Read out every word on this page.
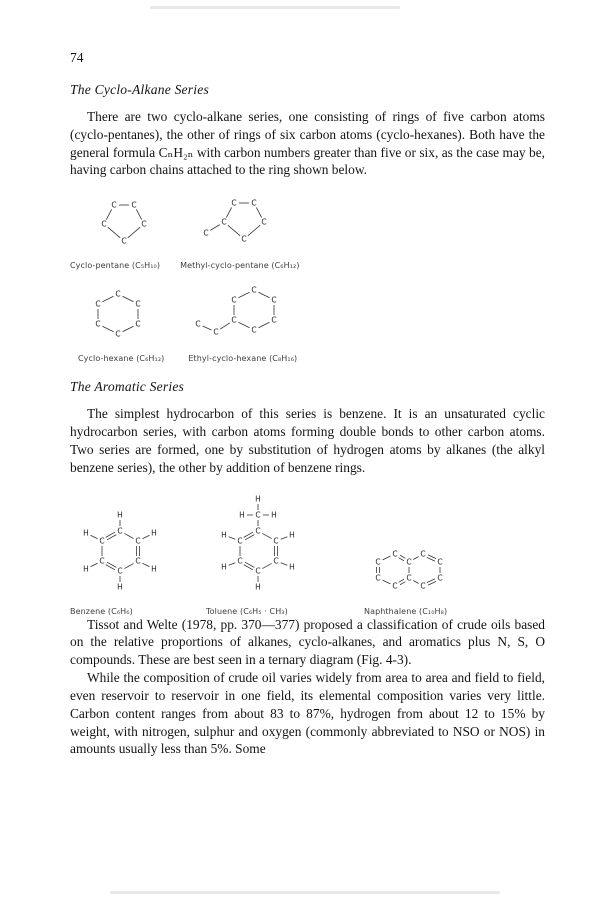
74
The Cyclo-Alkane Series

There are two cyclo-alkane series, one consisting of rings of five carbon atoms (cyclo-pentanes), the other of rings of six carbon atoms (cyclo-hexanes). Both have the general formula CₙH₂ₙ with carbon numbers greater than five or six, as the case may be, having carbon chains attached to the ring shown below.

C C
C
C
C
Cyclo-pentane (C₅H₁₀)
C C
C
C
C
C
Methyl-cyclo-pentane (C₆H₁₂)
C
C
C
C
C
C
Cyclo-hexane (C₆H₁₂)
C
C
C
C
C
C
C
C
Ethyl-cyclo-hexane (C₈H₁₆)
The Aromatic Series

The simplest hydrocarbon of this series is benzene. It is an unsaturated cyclic hydrocarbon series, with carbon atoms forming double bonds to other carbon atoms. Two series are formed, one by substitution of hydrogen atoms by alkanes (the alkyl benzene series), the other by addition of benzene rings.

C
C
C
C
C
C
H
H
H
H
H
H
Benzene (C₆H₆)
C
C
C
C
C
C
C
H
H	H
H
H
H
H
H
Toluene (C₆H₅ · CH₃)
C
C
C
C
C
C
C
C
C
C
Naphthalene (C₁₀H₈)

Tissot and Welte (1978, pp. 370—377) proposed a classification of crude oils based on the relative proportions of alkanes, cyclo-alkanes, and aromatics plus N, S, O compounds. These are best seen in a ternary diagram (Fig. 4-3).

While the composition of crude oil varies widely from area to area and field to field, even reservoir to reservoir in one field, its elemental composition varies very little. Carbon content ranges from about 83 to 87%, hydrogen from about 12 to 15% by weight, with nitrogen, sulphur and oxygen (commonly abbreviated to NSO or NOS) in amounts usually less than 5%. Some
